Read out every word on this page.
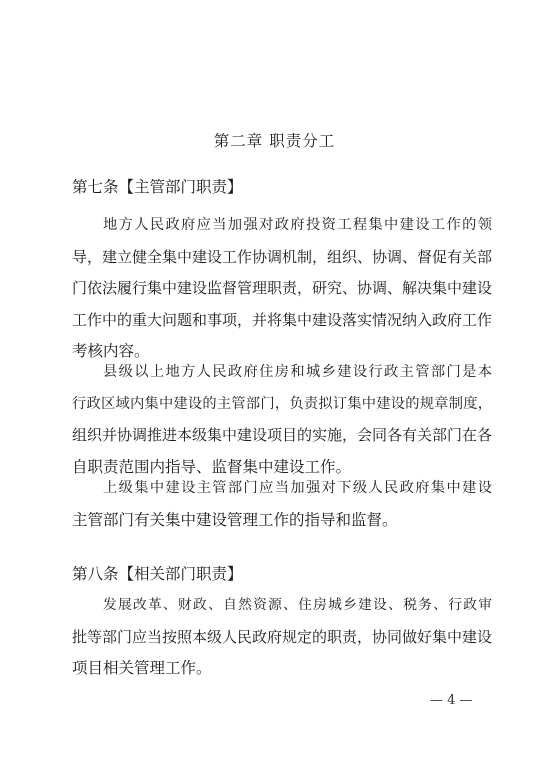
第二章 职责分工
第七条【主管部门职责】
地方人民政府应当加强对政府投资工程集中建设工作的领
导，建立健全集中建设工作协调机制，组织、协调、督促有关部
门依法履行集中建设监督管理职责，研究、协调、解决集中建设
工作中的重大问题和事项，并将集中建设落实情况纳入政府工作
考核内容。
县级以上地方人民政府住房和城乡建设行政主管部门是本
行政区域内集中建设的主管部门，负责拟订集中建设的规章制度，
组织并协调推进本级集中建设项目的实施，会同各有关部门在各
自职责范围内指导、监督集中建设工作。
上级集中建设主管部门应当加强对下级人民政府集中建设
主管部门有关集中建设管理工作的指导和监督。
第八条【相关部门职责】
发展改革、财政、自然资源、住房城乡建设、税务、行政审
批等部门应当按照本级人民政府规定的职责，协同做好集中建设
项目相关管理工作。
— 4 —
